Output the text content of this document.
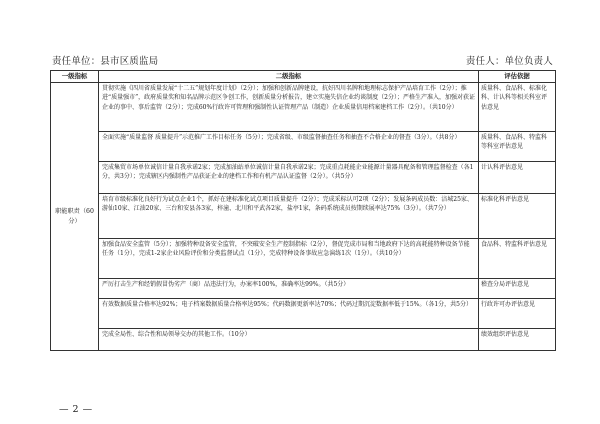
责任单位：县市区质监局	责任人：单位负责人
一级指标	二级指标	评估依据
职能职责（60分）	贯彻实施《四川省质量发展“十二五”规划年度计划》（2分）；加强和创新品牌建设，抗好四川名牌和地理标志保护产品培育工作（2分）；推进“质量强市”，政府质量奖和知名品牌示范区争创工作，创新质量分析报告，建立实施失信企业约谈制度（2分）；严格生产准入，加强对获证企业的事中、事后监管（2分）；完成60%行政许可管理和强制性认证管理产品（制造）企业质量信用档案建档工作（2分）。（共10分）	质量科、食品科、标准化科、计认科等相关科室评估意见
	全面实施“质量监督 质量提升”示范推广工作目标任务（5分）；完成省级、市级监督抽查任务和抽查不合格企业的督查（3分）。（共8分）	质量科、食品科、特监科等科室评估意见
	完成集贸市场单位诚信计量自我承诺2家；完成加油站单位诚信计量自我承诺2家；完成重点耗能企业能源计量器具配备和管理监督检查（各1分，共3分）；完成辖区内强制性产品获证企业的建档工作和有机产品认证监督（2分）。（共5分）	计认科评估意见
	培育市级标准化良好行为试点企业1个，抓好在建标准化试点项目质量提升（2分）；完成采标认可2项（2分）；发展条码成员数：涪城25家、游仙10家、江油20家、三台和安县各3家，梓潼、北川和平武各2家，盐亭1家，条码系统成员按期续展率达75%（3分）。（共7分）	标准化科评估意见
	加强食品安全监管（5分）；加强特种设备安全监管，不突破安全生产控制指标（2分），督促完成市局和当地政府下达的高耗能特种设备节能任务（1分），完成1-2家企业风险评价和分类监督试点（1分），完成特种设备事故应急演练1次（1分）。（共10分）	食品科、特监科评估意见
	严厉打击生产和经销假冒伪劣产（商）品违法行为，办案率100%，准确率达99%。（共5分）	稽查分局评估意见
	有效数据质量合格率达92%；电子档案数据质量合格率达95%；代码数据更新率达70%；代码过期沉淀数据率低于15%。（各1分，共5分）	行政许可办评估意见
	完成全局性、综合性和局领导交办的其他工作。（10分）	绩效组织评估意见
— 2 —
